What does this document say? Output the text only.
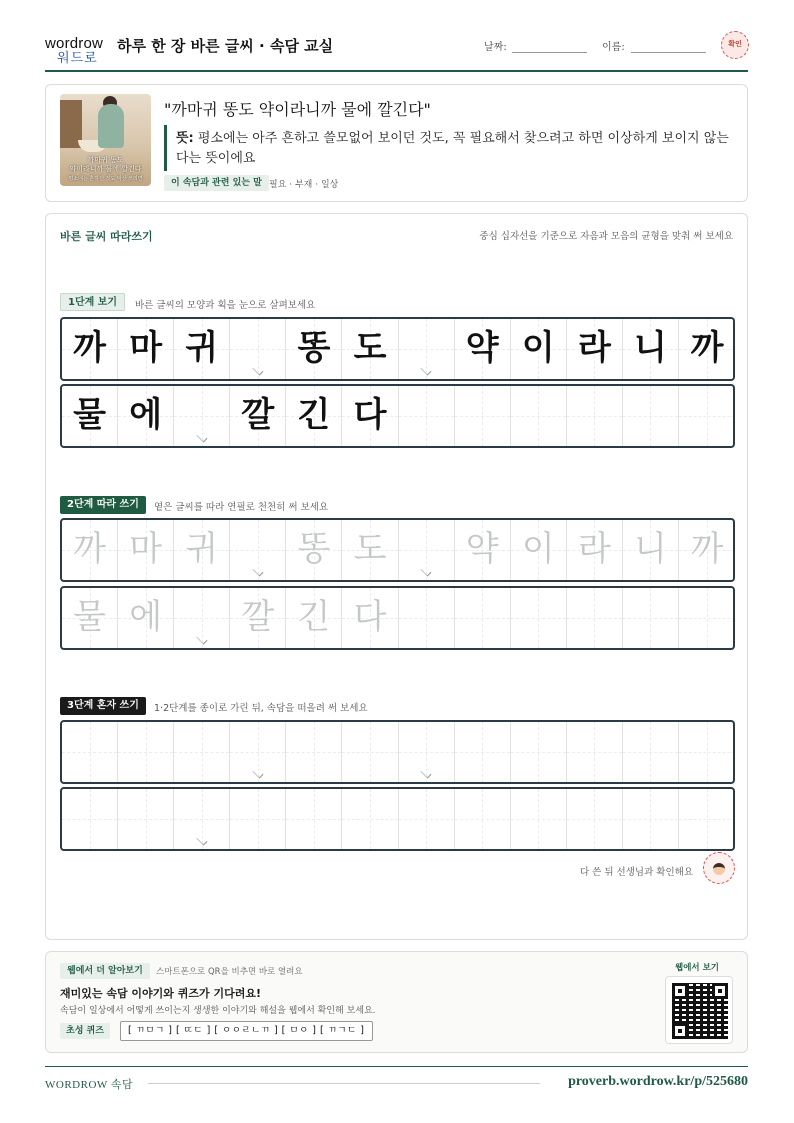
wordrow
워드로
하루 한 장 바른 글씨 · 속담 교실	날짜:	이름:	확인
까마귀 똥도
약이라니까 물에 깔긴다
평소에는 흔하던 것도 막상 쓰려면
"까마귀 똥도 약이라니까 물에 깔긴다"
뜻: 평소에는 아주 흔하고 쓸모없어 보이던 것도, 꼭 필요해서 찾으려고 하면 이상하게 보이지 않는다는 뜻이에요
이 속담과 관련 있는 말 필요 · 부재 · 일상
바른 글씨 따라쓰기	중심 십자선을 기준으로 자음과 모음의 균형을 맞춰 써 보세요
1단계 보기	바른 글씨의 모양과 획을 눈으로 살펴보세요
까 마 귀	똥 도	약 이 라 니 까
물 에	깔 긴 다
2단계 따라 쓰기	옅은 글씨를 따라 연필로 천천히 써 보세요
까 마 귀	똥 도	약 이 라 니 까
물 에	깔 긴 다
3단계 혼자 쓰기	1·2단계를 종이로 가린 뒤, 속담을 떠올려 써 보세요
다 쓴 뒤 선생님과 확인해요
웹에서 더 알아보기	스마트폰으로 QR을 비추면 바로 열려요
재미있는 속담 이야기와 퀴즈가 기다려요!
속담이 일상에서 어떻게 쓰이는지 생생한 이야기와 해설을 웹에서 확인해 보세요.
초성 퀴즈	[ ㄲㅁㄱ ] [ ㄸㄷ ] [ ㅇㅇㄹㄴㄲ ] [ ㅁㅇ ] [ ㄲㄱㄷ ]
웹에서 보기
WORDROW 속담	proverb.wordrow.kr/p/525680
